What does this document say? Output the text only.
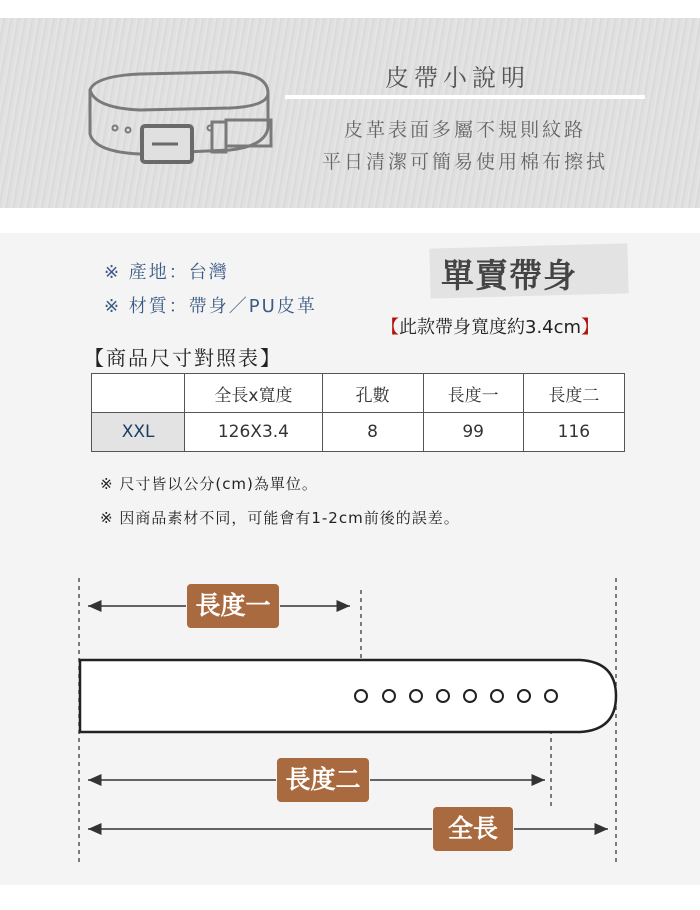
皮帶小說明
皮革表面多屬不規則紋路
平日清潔可簡易使用棉布擦拭
※ 產地：台灣
※ 材質：帶身／PU皮革
單賣帶身
【此款帶身寬度約3.4cm】
【商品尺寸對照表】
	全長x寬度	孔數	長度一	長度二
XXL	126X3.4	8	99	116
※ 尺寸皆以公分(cm)為單位。
※ 因商品素材不同，可能會有1-2cm前後的誤差。
長度一
長度二
全長
